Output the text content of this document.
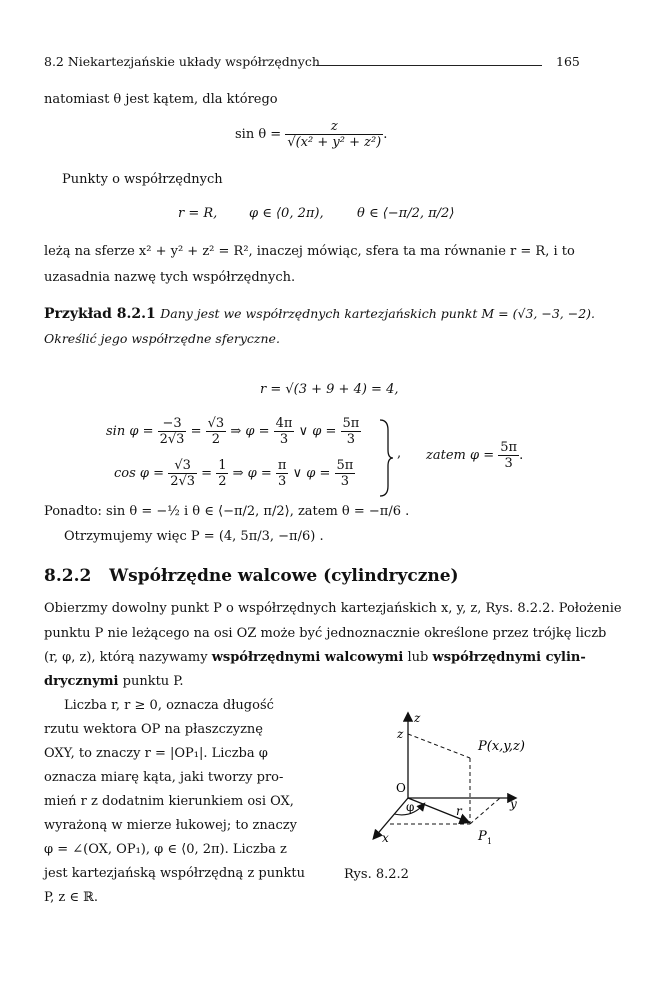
8.2 Niekartezjańskie układy współrzędnych	165
natomiast θ jest kątem, dla którego
$\sin \theta = \frac{z}{\text{√(x² + y² + z²)}}$ .
Punkty o współrzędnych
r = R, φ ∈ ⟨0, 2π),	θ ∈ ⟨−π/2, π/2⟩
leżą na sferze x² + y² + z² = R², inaczej mówiąc, sfera ta ma równanie r = R, i to
uzasadnia nazwę tych współrzędnych.
Przykład 8.2.1 Dany jest we współrzędnych kartezjańskich punkt M = (√3, −3, −2).
Określić jego współrzędne sferyczne.
r = √(3 + 9 + 4) = 4,
$\sin \varphi = \frac{-3}{2√3} = \frac{√3}{2}$ ⇒ $\varphi = \frac{4\pi}{3}$ ∨ $\varphi = \frac{5\pi}{3}$
$\cos \varphi = \frac{√3}{2√3} = \frac{1}{2}$ ⇒ $\varphi = \frac{\pi}{3}$ ∨ $\varphi = \frac{5\pi}{3}$
, zatem $\varphi = \frac{5\pi}{3}$ .
Ponadto: sin θ = −½ i θ ∈ ⟨−π/2, π/2⟩, zatem θ = −π/6 .
Otrzymujemy więc P = (4, 5π/3, −π/6) .
8.2.2 Współrzędne walcowe (cylindryczne)
Obierzmy dowolny punkt P o współrzędnych kartezjańskich x, y, z, Rys. 8.2.2. Położenie
punktu P nie leżącego na osi OZ może być jednoznacznie określone przez trójkę liczb
(r, φ, z), którą nazywamy współrzędnymi walcowymi lub współrzędnymi cylin-
drycznymi punktu P.
Liczba r, r ≥ 0, oznacza długość
rzutu wektora OP na płaszczyznę
OXY, to znaczy r = |OP₁|. Liczba φ
oznacza miarę kąta, jaki tworzy pro-
mień r z dodatnim kierunkiem osi OX,
wyrażoną w mierze łukowej; to znaczy
φ = ∠(OX, OP₁), φ ∈ ⟨0, 2π). Liczba z
jest kartezjańską współrzędną z punktu
P, z ∈ ℝ.
z
z
P(x,y,z)
O
φ	r	y
x	P 1
Rys. 8.2.2
